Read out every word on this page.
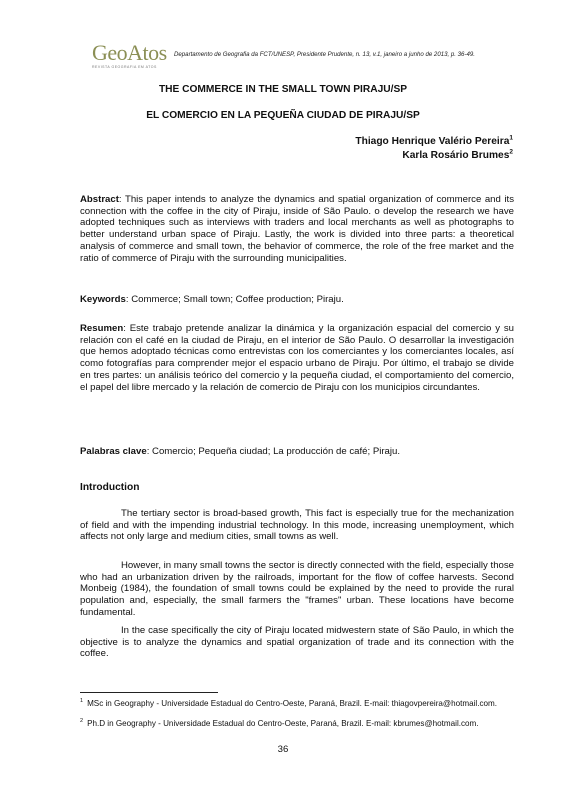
GeoAtos
REVISTA GEOGRAFIA EM ATOS
Departamento de Geografia da FCT/UNESP, Presidente Prudente, n. 13, v.1, janeiro a junho de 2013, p. 36-49.
THE COMMERCE IN THE SMALL TOWN PIRAJU/SP
EL COMERCIO EN LA PEQUEÑA CIUDAD DE PIRAJU/SP
Thiago Henrique Valério Pereira$^1$
Karla Rosário Brumes$^2$
Abstract: This paper intends to analyze the dynamics and spatial organization of commerce and its connection with the coffee in the city of Piraju, inside of São Paulo. o develop the research we have adopted techniques such as interviews with traders and local merchants as well as photographs to better understand urban space of Piraju. Lastly, the work is divided into three parts: a theoretical analysis of commerce and small town, the behavior of commerce, the role of the free market and the ratio of commerce of Piraju with the surrounding municipalities.
Keywords: Commerce; Small town; Coffee production; Piraju.
Resumen: Este trabajo pretende analizar la dinámica y la organización espacial del comercio y su relación con el café en la ciudad de Piraju, en el interior de São Paulo. O desarrollar la investigación que hemos adoptado técnicas como entrevistas con los comerciantes y los comerciantes locales, así como fotografías para comprender mejor el espacio urbano de Piraju. Por último, el trabajo se divide en tres partes: un análisis teórico del comercio y la pequeña ciudad, el comportamiento del comercio, el papel del libre mercado y la relación de comercio de Piraju con los municipios circundantes.
Palabras clave: Comercio; Pequeña ciudad; La producción de café; Piraju.
Introduction
The tertiary sector is broad-based growth, This fact is especially true for the mechanization of field and with the impending industrial technology. In this mode, increasing unemployment, which affects not only large and medium cities, small towns as well.
However, in many small towns the sector is directly connected with the field, especially those who had an urbanization driven by the railroads, important for the flow of coffee harvests. Second Monbeig (1984), the foundation of small towns could be explained by the need to provide the rural population and, especially, the small farmers the "frames" urban. These locations have become fundamental.
In the case specifically the city of Piraju located midwestern state of São Paulo, in which the objective is to analyze the dynamics and spatial organization of trade and its connection with the coffee.
$^1$ MSc in Geography - Universidade Estadual do Centro-Oeste, Paraná, Brazil. E-mail: thiagovpereira@hotmail.com.
$^2$ Ph.D in Geography - Universidade Estadual do Centro-Oeste, Paraná, Brazil. E-mail: kbrumes@hotmail.com.
36
